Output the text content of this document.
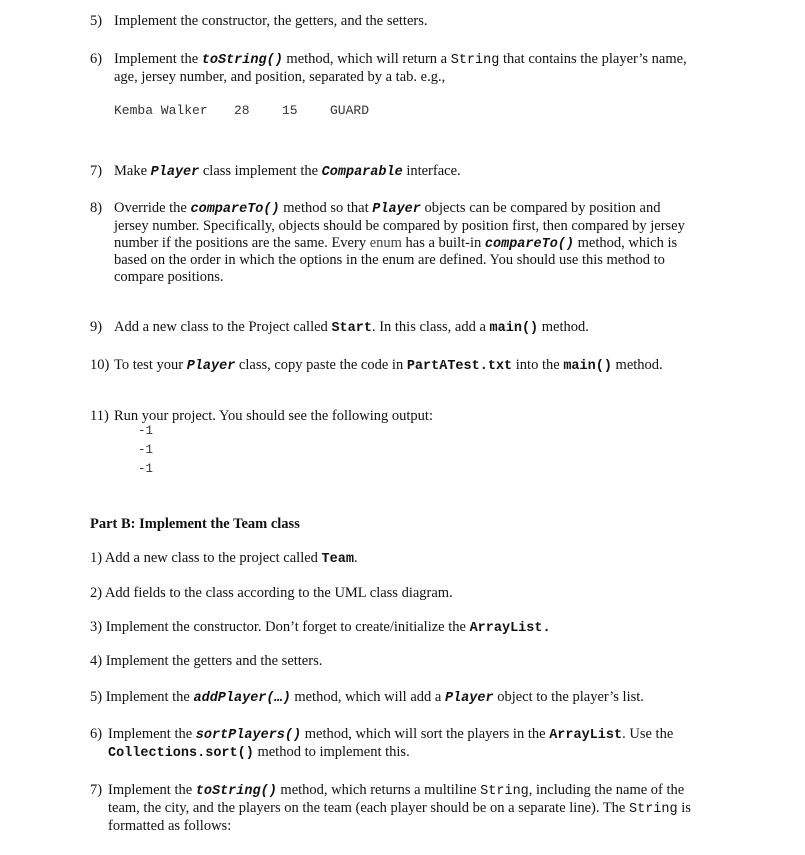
5) Implement the constructor, the getters, and the setters.
6) Implement the toString() method, which will return a String that contains the player’s name,
age, jersey number, and position, separated by a tab. e.g.,
Kemba Walker 28 15 GUARD
7) Make Player class implement the Comparable interface.
8) Override the compareTo() method so that Player objects can be compared by position and
jersey number. Specifically, objects should be compared by position first, then compared by jersey
number if the positions are the same. Every enum has a built-in compareTo() method, which is
based on the order in which the options in the enum are defined. You should use this method to
compare positions.
9) Add a new class to the Project called Start. In this class, add a main() method.
10) To test your Player class, copy paste the code in PartATest.txt into the main() method.
11) Run your project. You should see the following output:
-1
-1
-1
Part B: Implement the Team class
1) Add a new class to the project called Team.
2) Add fields to the class according to the UML class diagram.
3) Implement the constructor. Don’t forget to create/initialize the ArrayList.
4) Implement the getters and the setters.
5) Implement the addPlayer(…) method, which will add a Player object to the player’s list.
6) Implement the sortPlayers() method, which will sort the players in the ArrayList. Use the
Collections.sort() method to implement this.
7) Implement the toString() method, which returns a multiline String, including the name of the
team, the city, and the players on the team (each player should be on a separate line). The String is
formatted as follows:
